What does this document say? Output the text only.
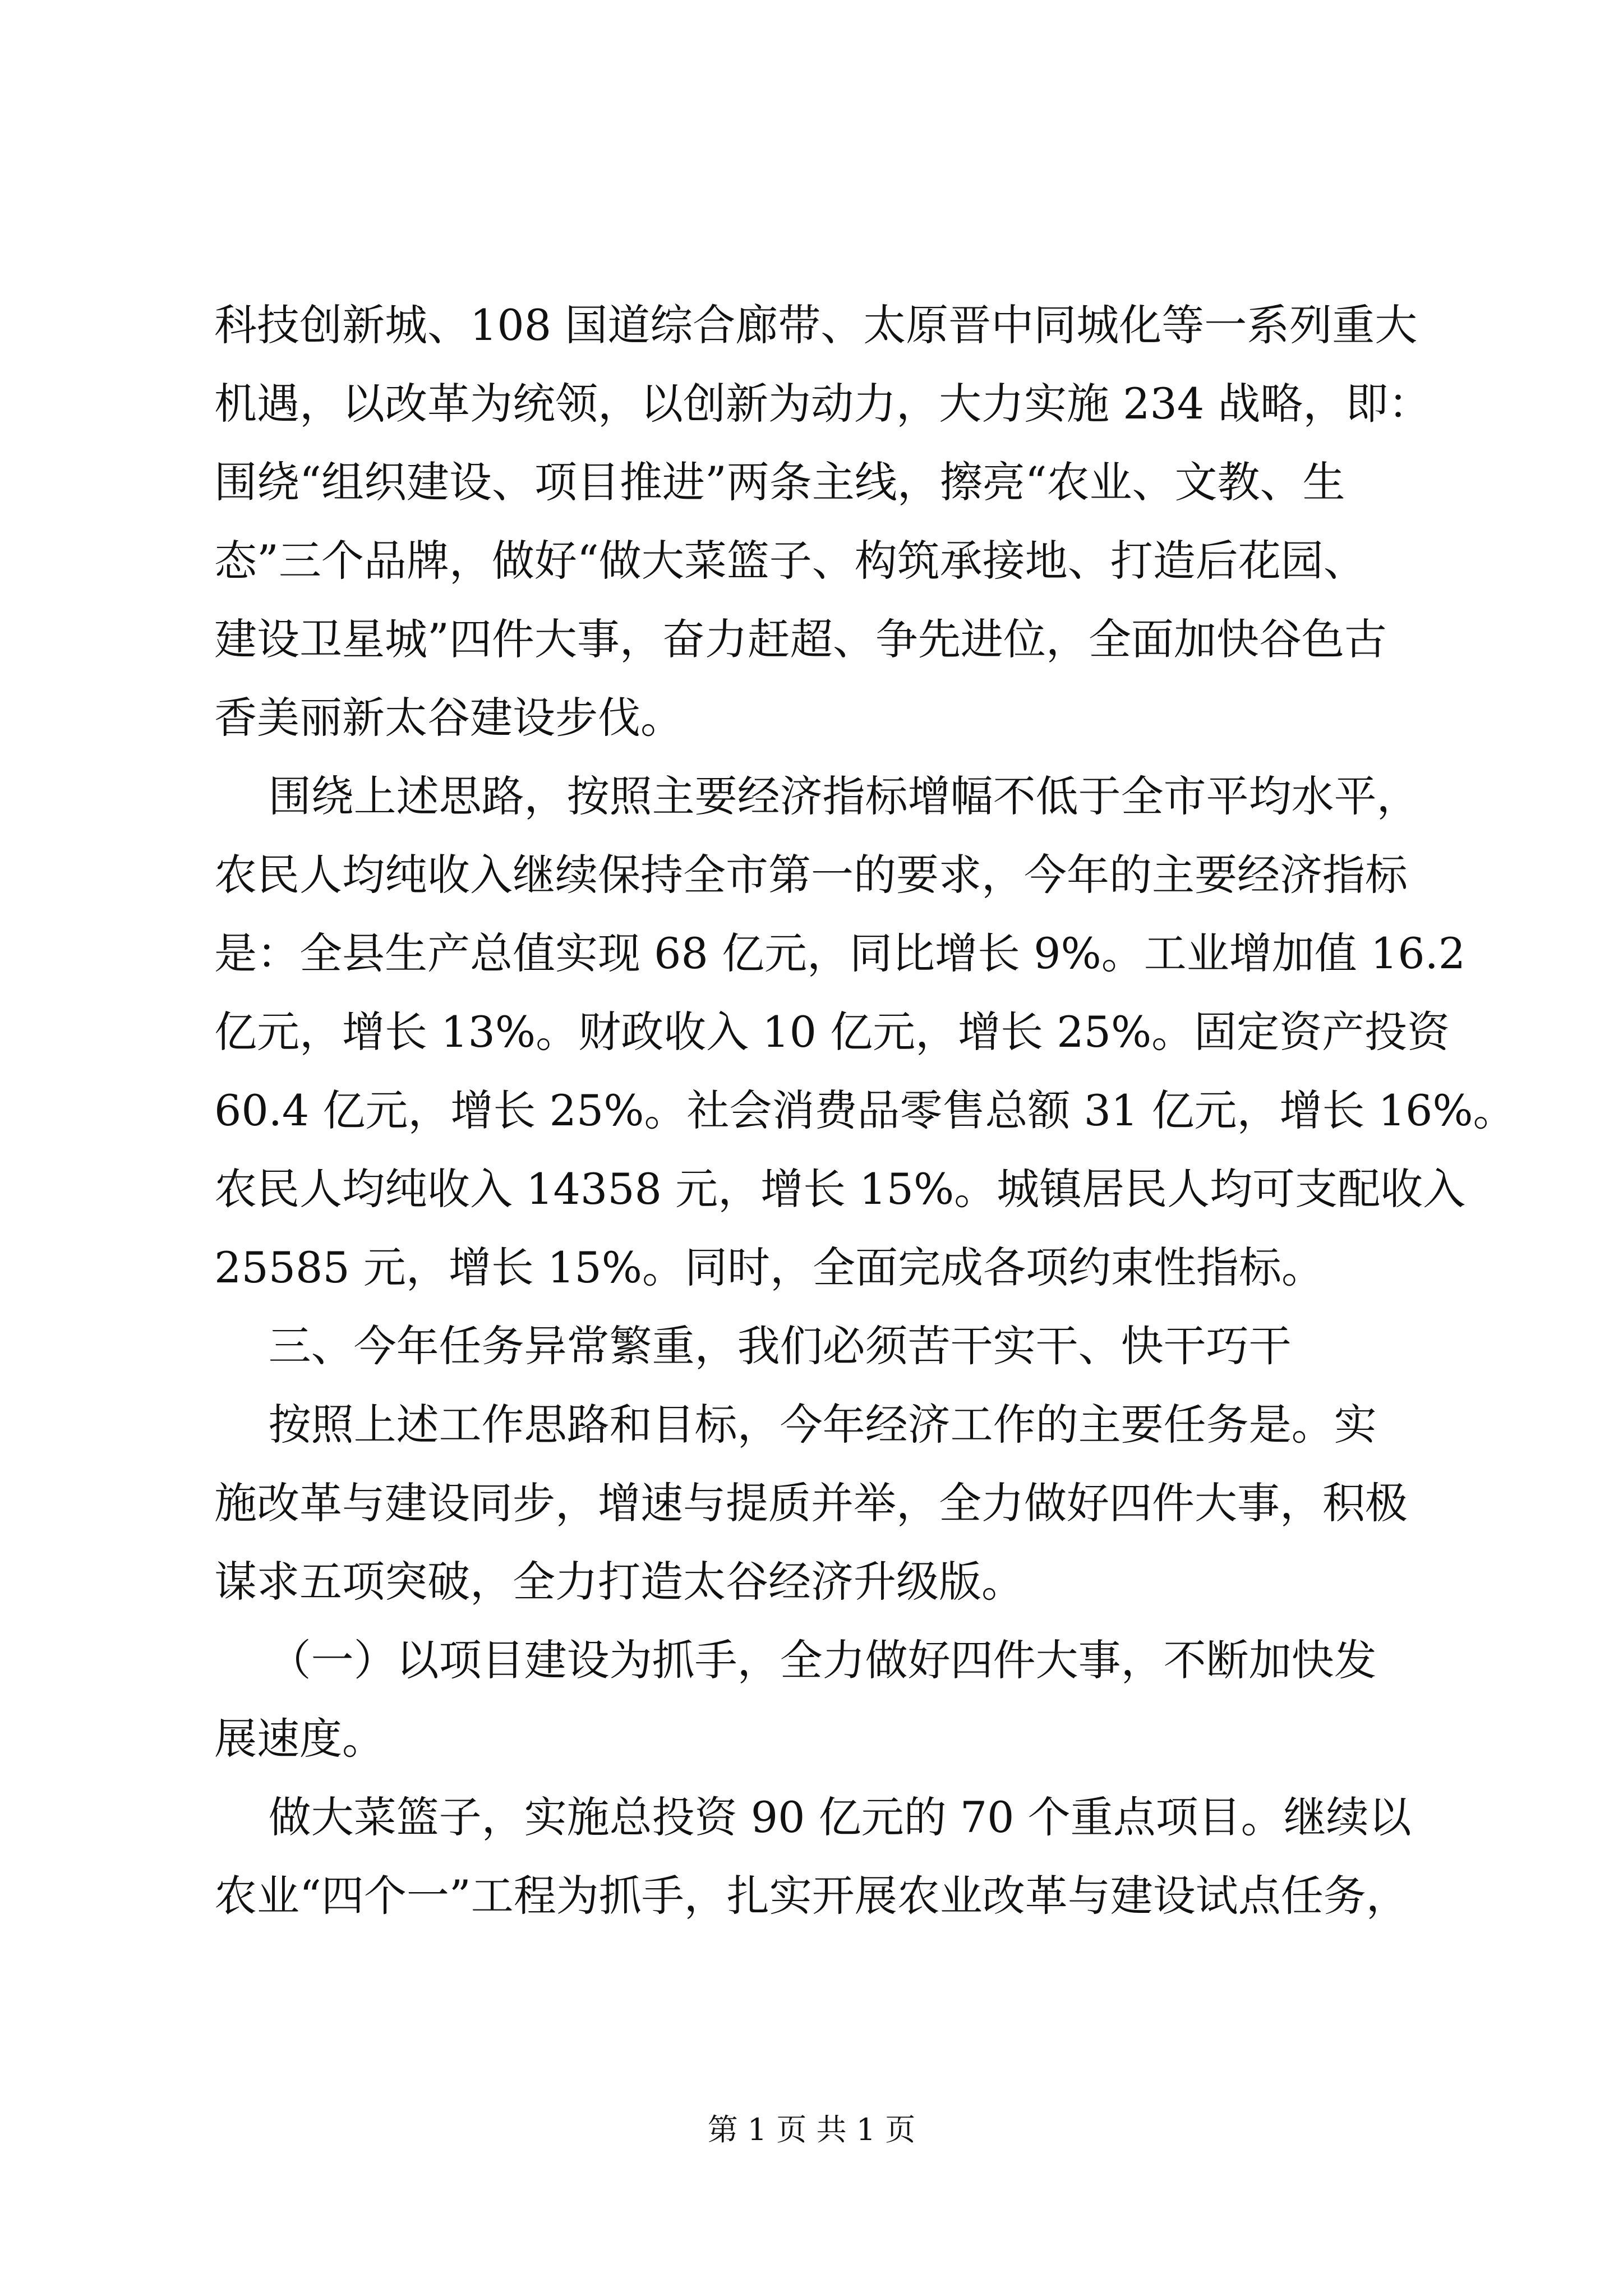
科技创新城、108 国道综合廊带、太原晋中同城化等一系列重大
机遇，以改革为统领，以创新为动力，大力实施 234 战略，即：
围绕“组织建设、项目推进”两条主线，擦亮“农业、文教、生
态”三个品牌，做好“做大菜篮子、构筑承接地、打造后花园、
建设卫星城”四件大事，奋力赶超、争先进位，全面加快谷色古
香美丽新太谷建设步伐。
围绕上述思路，按照主要经济指标增幅不低于全市平均水平，
农民人均纯收入继续保持全市第一的要求，今年的主要经济指标
是：全县生产总值实现 68 亿元，同比增长 9%。工业增加值 16.2
亿元，增长 13%。财政收入 10 亿元，增长 25%。固定资产投资
60.4 亿元，增长 25%。社会消费品零售总额 31 亿元，增长 16%。
农民人均纯收入 14358 元，增长 15%。城镇居民人均可支配收入
25585 元，增长 15%。同时，全面完成各项约束性指标。
三、今年任务异常繁重，我们必须苦干实干、快干巧干
按照上述工作思路和目标，今年经济工作的主要任务是。实
施改革与建设同步，增速与提质并举，全力做好四件大事，积极
谋求五项突破，全力打造太谷经济升级版。
（一）以项目建设为抓手，全力做好四件大事，不断加快发
展速度。
做大菜篮子，实施总投资 90 亿元的 70 个重点项目。继续以
农业“四个一”工程为抓手，扎实开展农业改革与建设试点任务，
第 1 页 共 1 页
